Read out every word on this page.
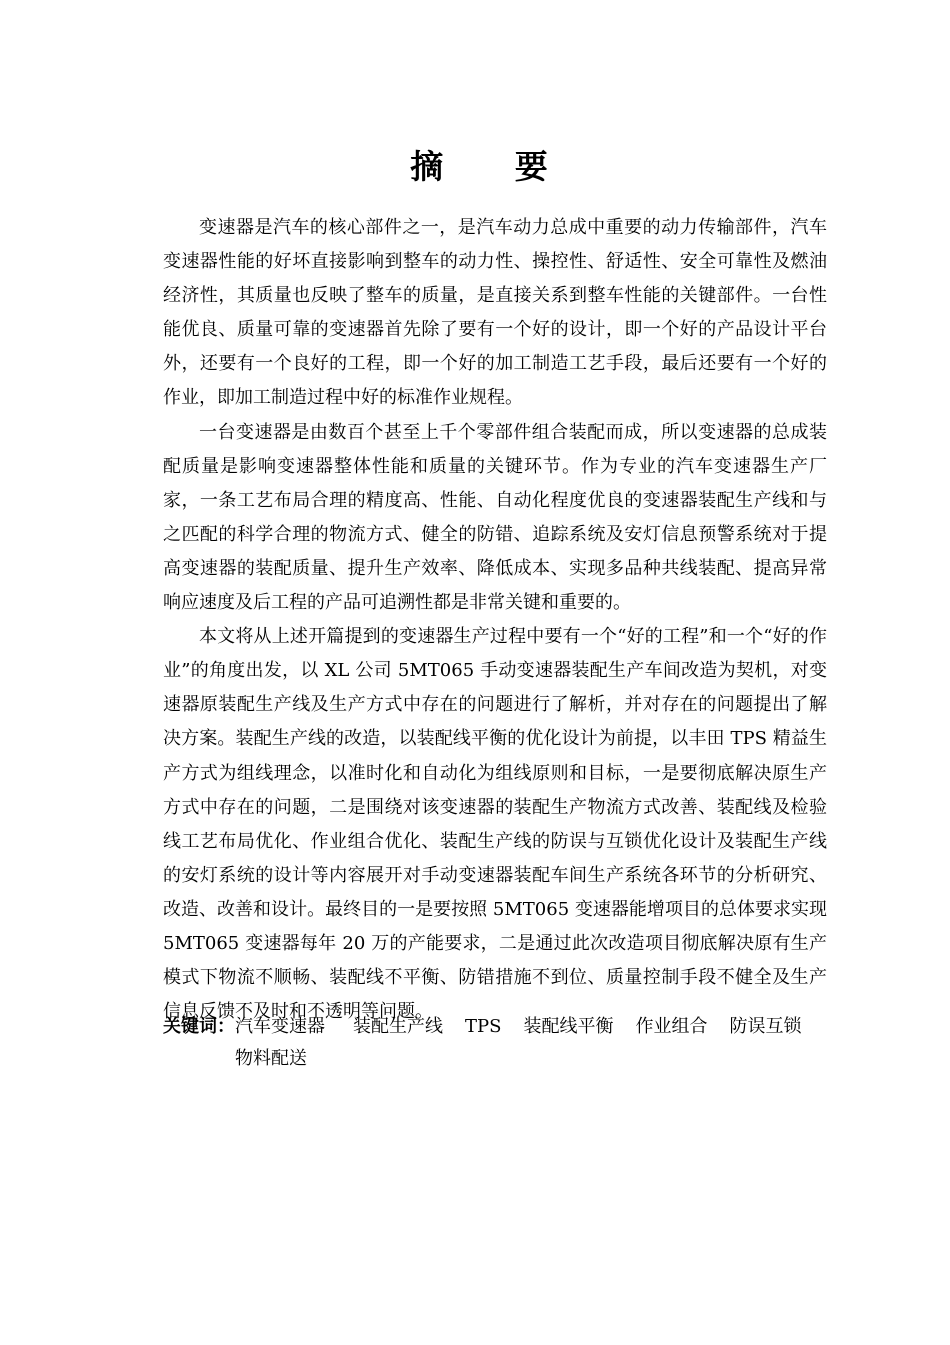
摘 要

变速器是汽车的核心部件之一，是汽车动力总成中重要的动力传输部件，汽车变速器性能的好坏直接影响到整车的动力性、操控性、舒适性、安全可靠性及燃油经济性，其质量也反映了整车的质量，是直接关系到整车性能的关键部件。一台性能优良、质量可靠的变速器首先除了要有一个好的设计，即一个好的产品设计平台外，还要有一个良好的工程，即一个好的加工制造工艺手段，最后还要有一个好的作业，即加工制造过程中好的标准作业规程。

一台变速器是由数百个甚至上千个零部件组合装配而成，所以变速器的总成装配质量是影响变速器整体性能和质量的关键环节。作为专业的汽车变速器生产厂家，一条工艺布局合理的精度高、性能、自动化程度优良的变速器装配生产线和与之匹配的科学合理的物流方式、健全的防错、追踪系统及安灯信息预警系统对于提高变速器的装配质量、提升生产效率、降低成本、实现多品种共线装配、提高异常响应速度及后工程的产品可追溯性都是非常关键和重要的。

本文将从上述开篇提到的变速器生产过程中要有一个“好的工程”和一个“好的作业”的角度出发，以 XL 公司 5MT065 手动变速器装配生产车间改造为契机，对变速器原装配生产线及生产方式中存在的问题进行了解析，并对存在的问题提出了解决方案。装配生产线的改造，以装配线平衡的优化设计为前提，以丰田 TPS 精益生产方式为组线理念，以准时化和自动化为组线原则和目标，一是要彻底解决原生产方式中存在的问题，二是围绕对该变速器的装配生产物流方式改善、装配线及检验线工艺布局优化、作业组合优化、装配生产线的防误与互锁优化设计及装配生产线的安灯系统的设计等内容展开对手动变速器装配车间生产系统各环节的分析研究、改造、改善和设计。最终目的一是要按照 5MT065 变速器能增项目的总体要求实现 5MT065 变速器每年 20 万的产能要求，二是通过此次改造项目彻底解决原有生产模式下物流不顺畅、装配线不平衡、防错措施不到位、质量控制手段不健全及生产信息反馈不及时和不透明等问题。

关键词： 汽车变速器 装配生产线 TPS 装配线平衡 作业组合 防误互锁
物料配送
